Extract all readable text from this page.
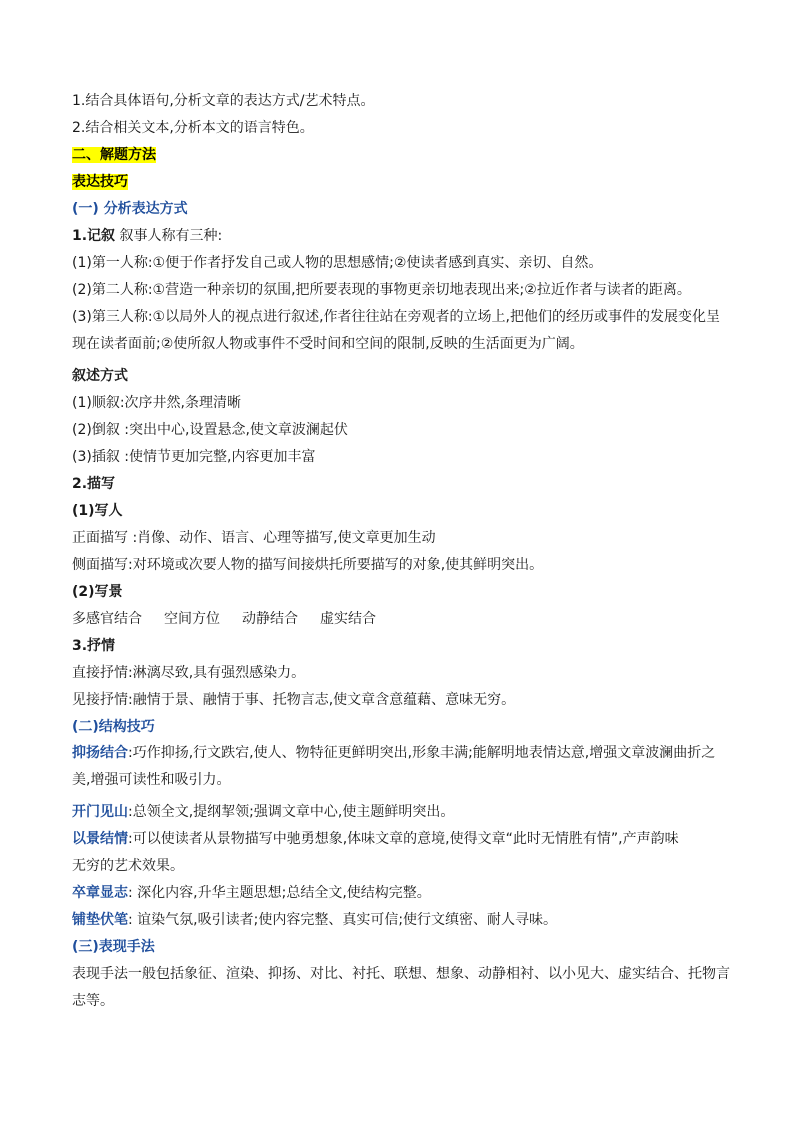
1.结合具体语句,分析文章的表达方式/艺术特点。
2.结合相关文本,分析本文的语言特色。
二、解题方法
表达技巧
(一) 分析表达方式
1.记叙 叙事人称有三种:
(1)第一人称:①便于作者抒发自己或人物的思想感情;②使读者感到真实、亲切、自然。
(2)第二人称:①营造一种亲切的氛围,把所要表现的事物更亲切地表现出来;②拉近作者与读者的距离。
(3)第三人称:①以局外人的视点进行叙述,作者往往站在旁观者的立场上,把他们的经历或事件的发展变化呈现在读者面前;②使所叙人物或事件不受时间和空间的限制,反映的生活面更为广阔。
叙述方式
(1)顺叙:次序井然,条理清晰
(2)倒叙 :突出中心,设置悬念,使文章波澜起伏
(3)插叙 :使情节更加完整,内容更加丰富
2.描写
(1)写人
正面描写 :肖像、动作、语言、心理等描写,使文章更加生动
侧面描写:对环境或次要人物的描写间接烘托所要描写的对象,使其鲜明突出。
(2)写景
多感官结合 空间方位 动静结合 虚实结合
3.抒情
直接抒情:淋漓尽致,具有强烈感染力。
见接抒情:融情于景、融情于事、托物言志,使文章含意蕴藉、意味无穷。
(二)结构技巧
抑扬结合:巧作抑扬,行文跌宕,使人、物特征更鲜明突出,形象丰满;能解明地表情达意,增强文章波澜曲折之美,增强可读性和吸引力。
开门见山:总领全文,提纲挈领;强调文章中心,使主题鲜明突出。
以景结情:可以使读者从景物描写中驰勇想象,体味文章的意境,使得文章“此时无情胜有情”,产声韵味
无穷的艺术效果。
卒章显志: 深化内容,升华主题思想;总结全文,使结构完整。
铺垫伏笔: 谊染气氛,吸引读者;使内容完整、真实可信;使行文缜密、耐人寻味。
(三)表现手法
表现手法一般包括象征、渲染、抑扬、对比、衬托、联想、想象、动静相衬、以小见大、虚实结合、托物言志等。
